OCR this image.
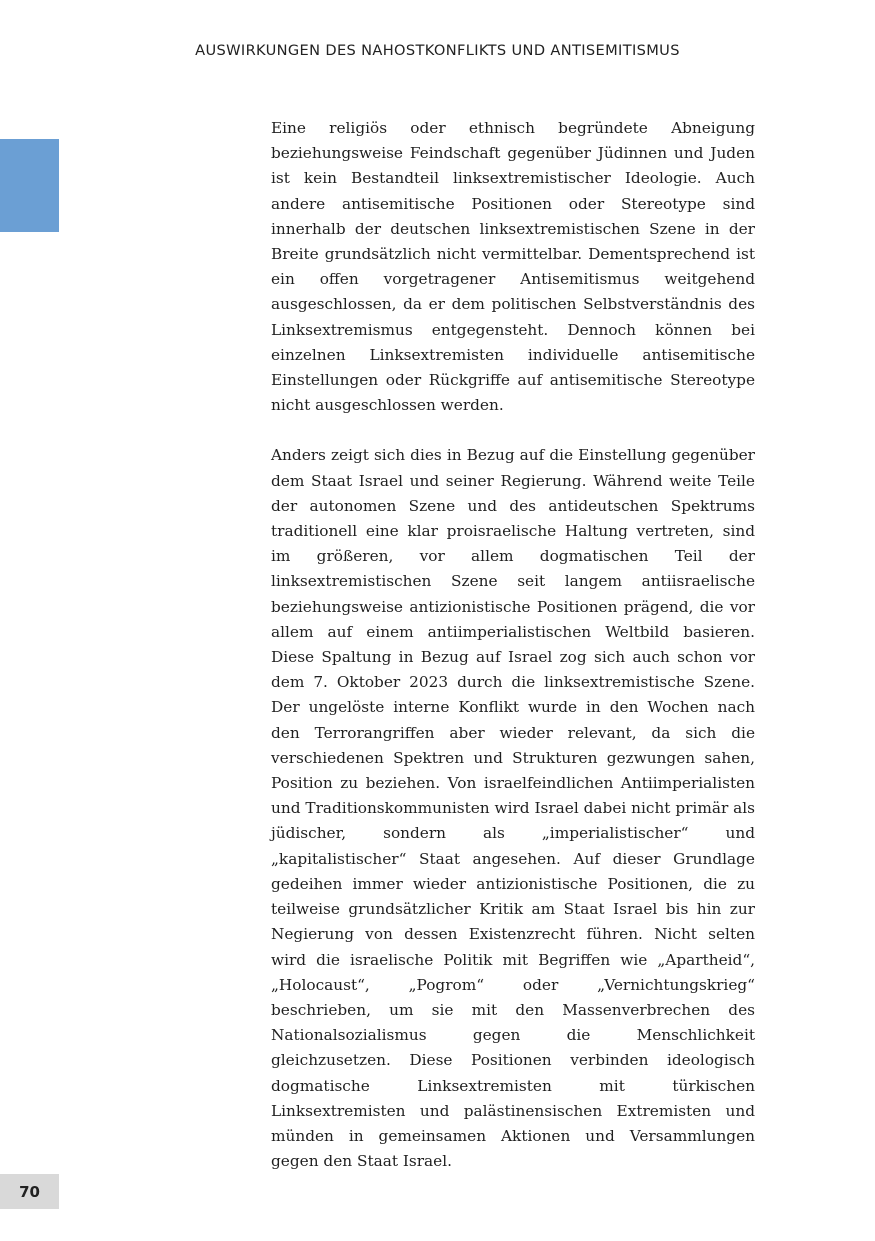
AUSWIRKUNGEN DES NAHOSTKONFLIKTS UND ANTISEMITISMUS

Eine religiös oder ethnisch begründete Abneigung beziehungsweise Feindschaft gegenüber Jüdinnen und Juden ist kein Bestandteil linksextremistischer Ideologie. Auch andere antisemitische Positionen oder Stereotype sind innerhalb der deutschen linksextremistischen Szene in der Breite grundsätzlich nicht vermittelbar. Dementsprechend ist ein offen vorgetragener Antisemitismus weitgehend ausgeschlossen, da er dem politischen Selbstverständnis des Linksextremismus entgegensteht. Dennoch können bei einzelnen Linksextremisten individuelle antisemitische Einstellungen oder Rückgriffe auf antisemitische Stereotype nicht ausgeschlossen werden.

Anders zeigt sich dies in Bezug auf die Einstellung gegenüber dem Staat Israel und seiner Regierung. Während weite Teile der autonomen Szene und des antideutschen Spektrums traditionell eine klar proisraelische Haltung vertreten, sind im größeren, vor allem dogmatischen Teil der linksextremistischen Szene seit langem antiisraelische beziehungsweise antizionistische Positionen prägend, die vor allem auf einem antiimperialistischen Weltbild basieren. Diese Spaltung in Bezug auf Israel zog sich auch schon vor dem 7. Oktober 2023 durch die linksextremistische Szene. Der ungelöste interne Konflikt wurde in den Wochen nach den Terrorangriffen aber wieder relevant, da sich die verschiedenen Spektren und Strukturen gezwungen sahen, Position zu beziehen. Von israelfeindlichen Antiimperialisten und Traditionskommunisten wird Israel dabei nicht primär als jüdischer, sondern als „imperialistischer“ und „kapitalistischer“ Staat angesehen. Auf dieser Grundlage gedeihen immer wieder antizionistische Positionen, die zu teilweise grundsätzlicher Kritik am Staat Israel bis hin zur Negierung von dessen Existenzrecht führen. Nicht selten wird die israelische Politik mit Begriffen wie „Apartheid“, „Holocaust“, „Pogrom“ oder „Vernichtungskrieg“ beschrieben, um sie mit den Massenverbrechen des Nationalsozialismus gegen die Menschlichkeit gleichzusetzen. Diese Positionen verbinden ideologisch dogmatische Linksextremisten mit türkischen Linksextremisten und palästinensischen Extremisten und münden in gemeinsamen Aktionen und Versammlungen gegen den Staat Israel.

70
